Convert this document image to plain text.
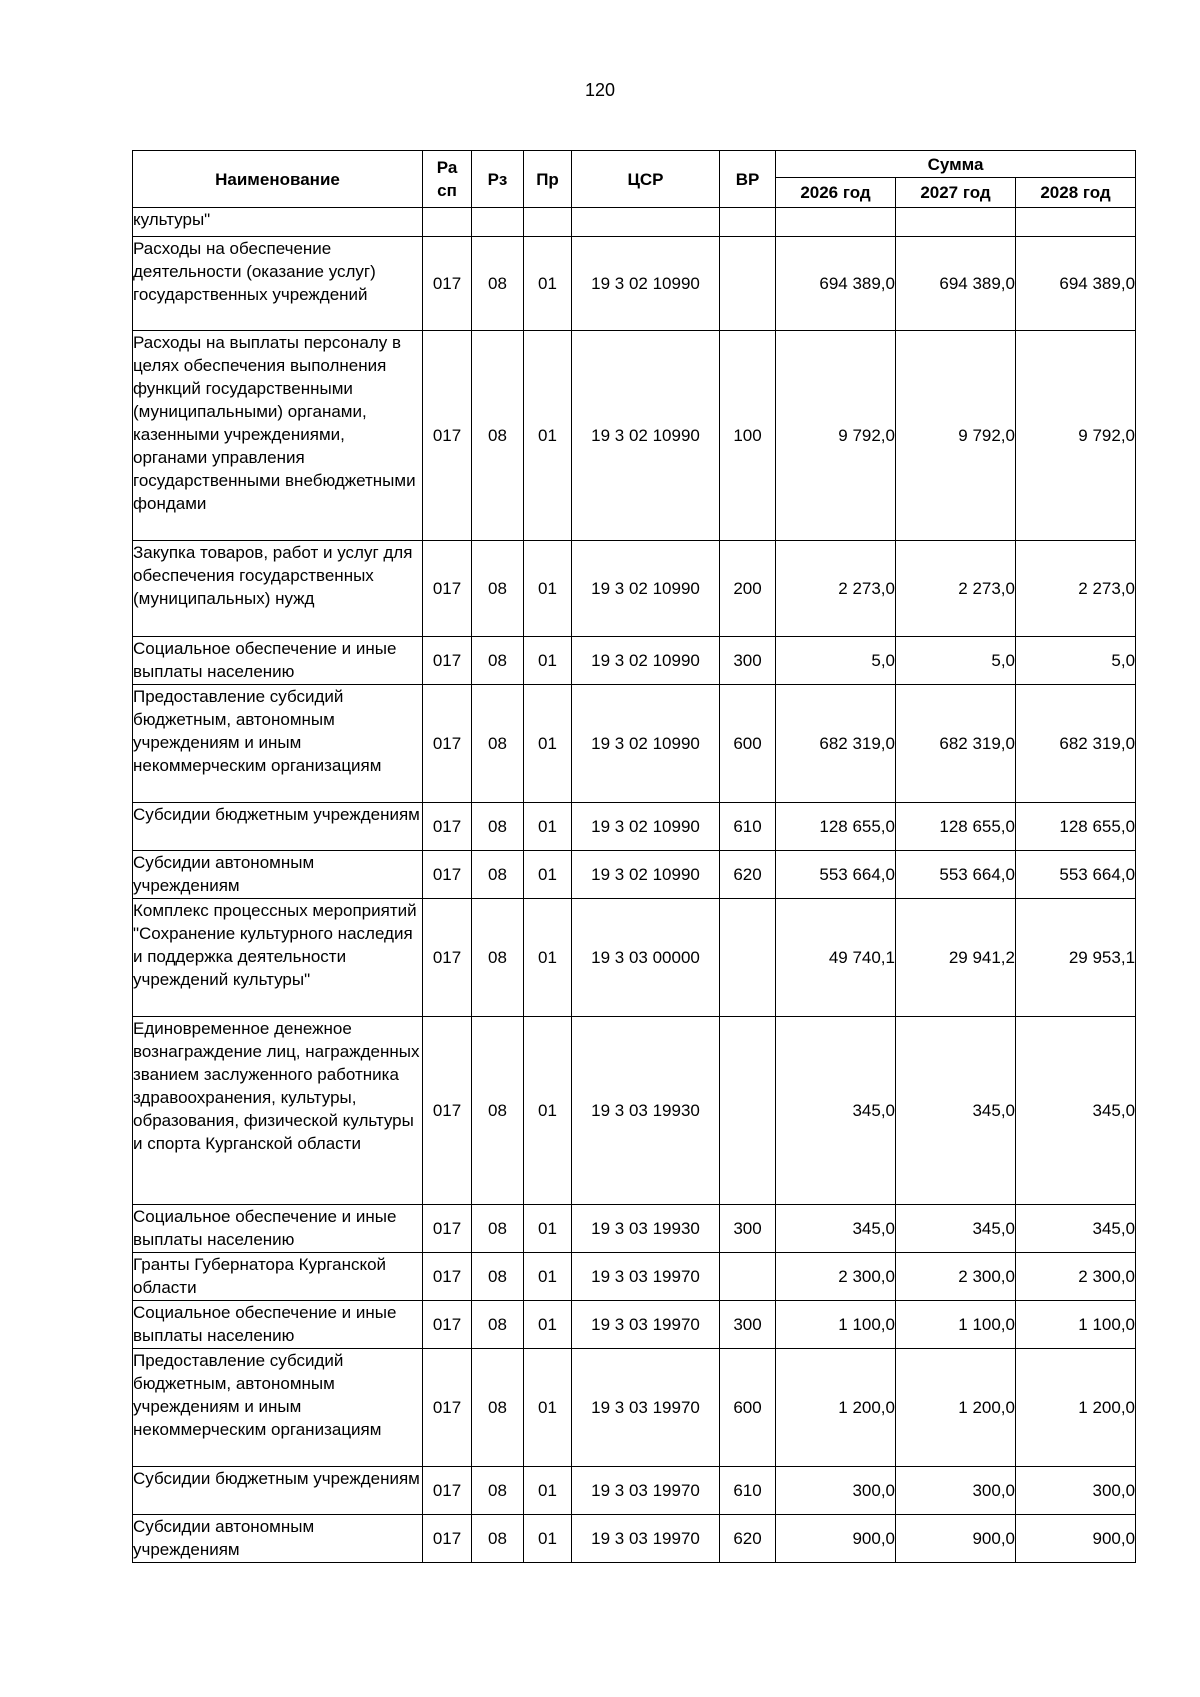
120
Наименование	Ра
сп	Рз	Пр	ЦСР	ВР	Сумма		
						2026 год	2027 год	2028 год
культуры"								
Расходы на обеспечение деятельности (оказание услуг) государственных учреждений	017	08	01	19 3 02 10990		694 389,0	694 389,0	694 389,0
Расходы на выплаты персоналу в целях обеспечения выполнения функций государственными (муниципальными) органами, казенными учреждениями, органами управления государственными внебюджетными фондами	017	08	01	19 3 02 10990	100	9 792,0	9 792,0	9 792,0
Закупка товаров, работ и услуг для обеспечения государственных (муниципальных) нужд	017	08	01	19 3 02 10990	200	2 273,0	2 273,0	2 273,0
Социальное обеспечение и иные выплаты населению	017	08	01	19 3 02 10990	300	5,0	5,0	5,0
Предоставление субсидий бюджетным, автономным учреждениям и иным некоммерческим организациям	017	08	01	19 3 02 10990	600	682 319,0	682 319,0	682 319,0
Субсидии бюджетным учреждениям	017	08	01	19 3 02 10990	610	128 655,0	128 655,0	128 655,0
Субсидии автономным учреждениям	017	08	01	19 3 02 10990	620	553 664,0	553 664,0	553 664,0
Комплекс процессных мероприятий "Сохранение культурного наследия и поддержка деятельности учреждений культуры"	017	08	01	19 3 03 00000		49 740,1	29 941,2	29 953,1
Единовременное денежное вознаграждение лиц, награжденных званием заслуженного работника здравоохранения, культуры, образования, физической культуры и спорта Курганской области	017	08	01	19 3 03 19930		345,0	345,0	345,0
Социальное обеспечение и иные выплаты населению	017	08	01	19 3 03 19930	300	345,0	345,0	345,0
Гранты Губернатора Курганской области	017	08	01	19 3 03 19970		2 300,0	2 300,0	2 300,0
Социальное обеспечение и иные выплаты населению	017	08	01	19 3 03 19970	300	1 100,0	1 100,0	1 100,0
Предоставление субсидий бюджетным, автономным учреждениям и иным некоммерческим организациям	017	08	01	19 3 03 19970	600	1 200,0	1 200,0	1 200,0
Субсидии бюджетным учреждениям	017	08	01	19 3 03 19970	610	300,0	300,0	300,0
Субсидии автономным учреждениям	017	08	01	19 3 03 19970	620	900,0	900,0	900,0
